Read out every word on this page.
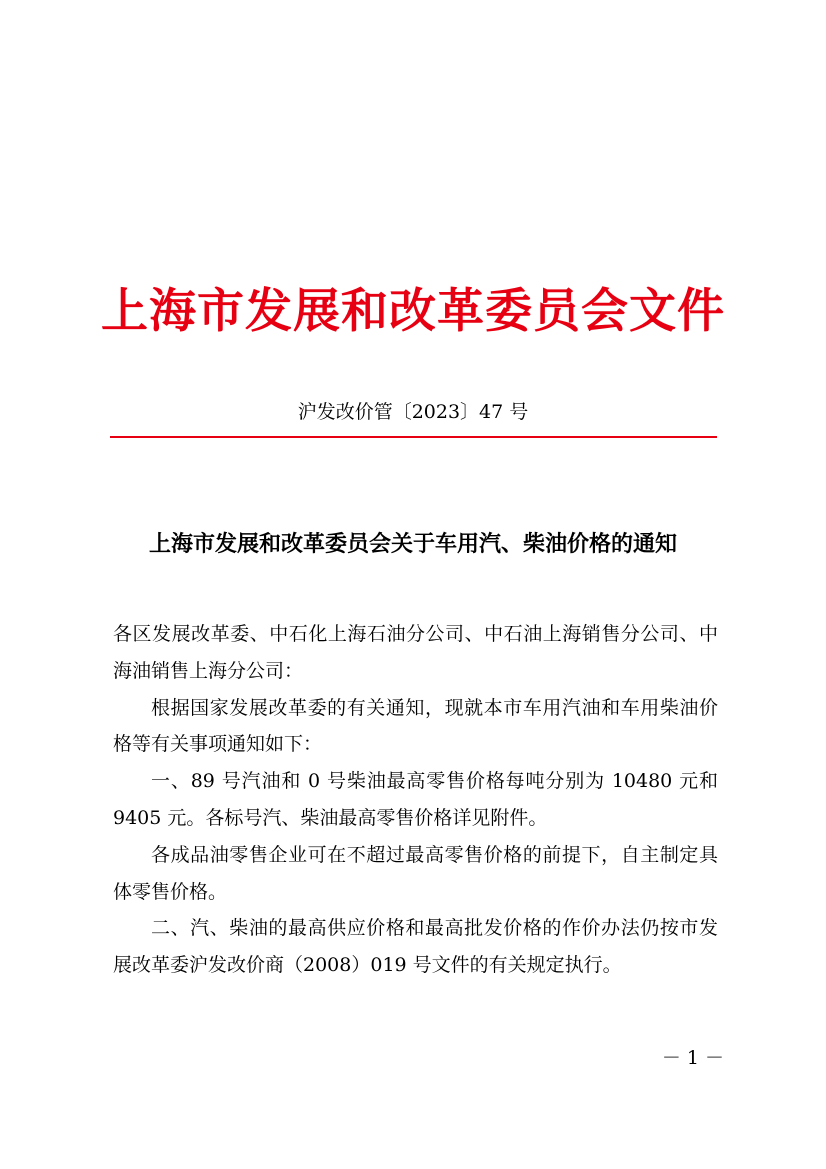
上海市发展和改革委员会文件
沪发改价管〔2023〕47 号
上海市发展和改革委员会关于车用汽、柴油价格的通知

各区发展改革委、中石化上海石油分公司、中石油上海销售分公司、中海油销售上海分公司：

根据国家发展改革委的有关通知，现就本市车用汽油和车用柴油价格等有关事项通知如下：

一、89 号汽油和 0 号柴油最高零售价格每吨分别为 10480 元和 9405 元。各标号汽、柴油最高零售价格详见附件。

各成品油零售企业可在不超过最高零售价格的前提下，自主制定具体零售价格。

二、汽、柴油的最高供应价格和最高批发价格的作价办法仍按市发展改革委沪发改价商（2008）019 号文件的有关规定执行。

－ 1 －
